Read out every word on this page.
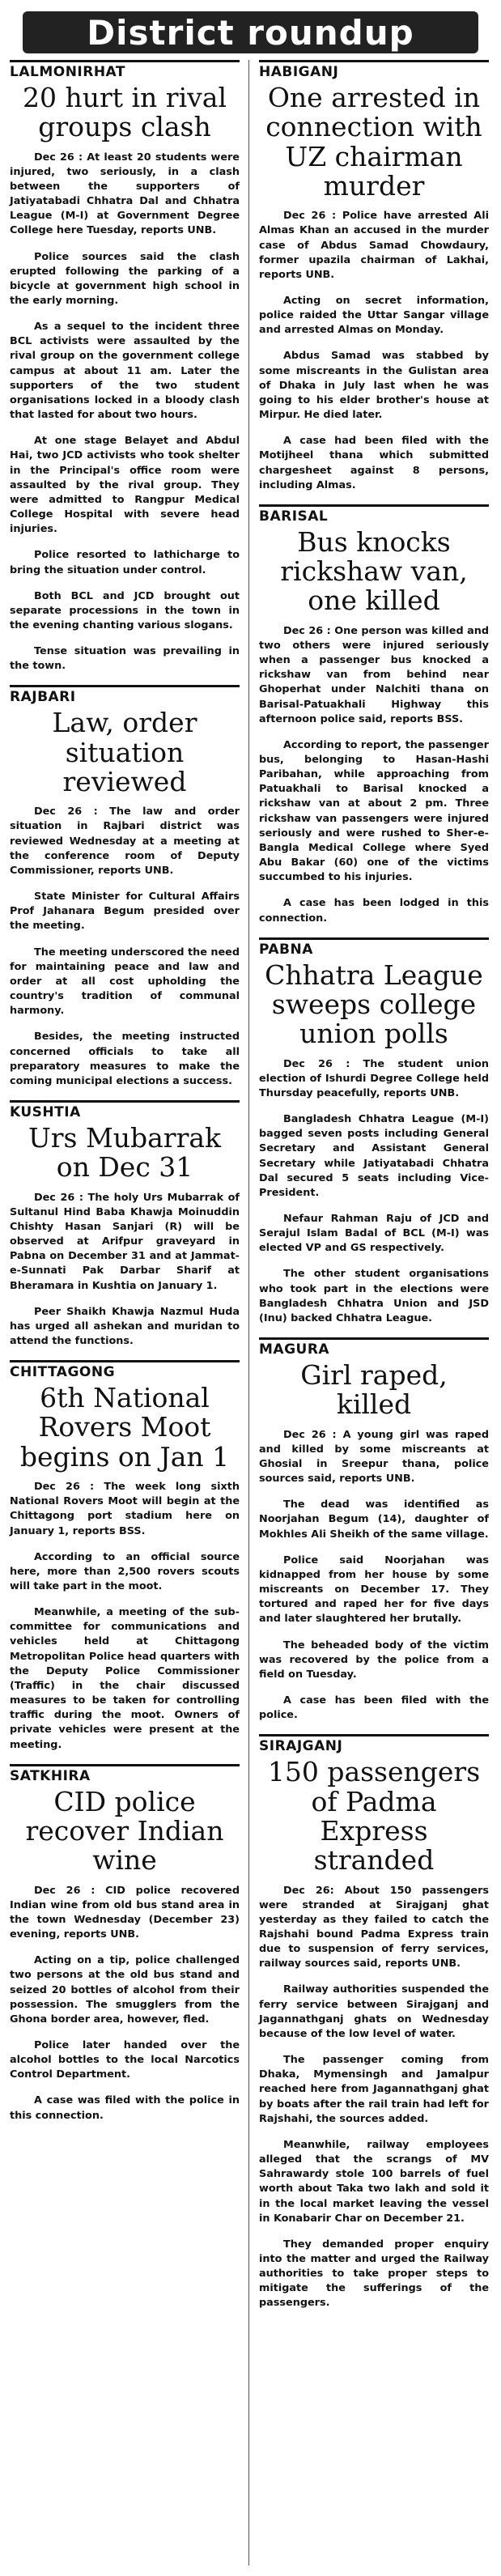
District roundup
LALMONIRHAT
20 hurt in rival groups clash

Dec 26 : At least 20 students were injured, two seriously, in a clash between the supporters of Jatiyatabadi Chhatra Dal and Chhatra League (M-I) at Government Degree College here Tuesday, reports UNB.

Police sources said the clash erupted following the parking of a bicycle at government high school in the early morning.

As a sequel to the incident three BCL activists were assaulted by the rival group on the government college campus at about 11 am. Later the supporters of the two student organisations locked in a bloody clash that lasted for about two hours.

At one stage Belayet and Abdul Hai, two JCD activists who took shelter in the Principal's office room were assaulted by the rival group. They were admitted to Rangpur Medical College Hospital with severe head injuries.

Police resorted to lathicharge to bring the situation under control.

Both BCL and JCD brought out separate processions in the town in the evening chanting various slogans.

Tense situation was prevailing in the town.

RAJBARI
Law, order situation reviewed

Dec 26 : The law and order situation in Rajbari district was reviewed Wednesday at a meeting at the conference room of Deputy Commissioner, reports UNB.

State Minister for Cultural Affairs Prof Jahanara Begum presided over the meeting.

The meeting underscored the need for maintaining peace and law and order at all cost upholding the country's tradition of communal harmony.

Besides, the meeting instructed concerned officials to take all preparatory measures to make the coming municipal elections a success.

KUSHTIA
Urs Mubarrak on Dec 31

Dec 26 : The holy Urs Mubarrak of Sultanul Hind Baba Khawja Moinuddin Chishty Hasan Sanjari (R) will be observed at Arifpur graveyard in Pabna on December 31 and at Jammat-e-Sunnati Pak Darbar Sharif at Bheramara in Kushtia on January 1.

Peer Shaikh Khawja Nazmul Huda has urged all ashekan and muridan to attend the functions.

CHITTAGONG
6th National Rovers Moot begins on Jan 1

Dec 26 : The week long sixth National Rovers Moot will begin at the Chittagong port stadium here on January 1, reports BSS.

According to an official source here, more than 2,500 rovers scouts will take part in the moot.

Meanwhile, a meeting of the sub-committee for communications and vehicles held at Chittagong Metropolitan Police head quarters with the Deputy Police Commissioner (Traffic) in the chair discussed measures to be taken for controlling traffic during the moot. Owners of private vehicles were present at the meeting.

SATKHIRA
CID police recover Indian wine

Dec 26 : CID police recovered Indian wine from old bus stand area in the town Wednesday (December 23) evening, reports UNB.

Acting on a tip, police challenged two persons at the old bus stand and seized 20 bottles of alcohol from their possession. The smugglers from the Ghona border area, however, fled.

Police later handed over the alcohol bottles to the local Narcotics Control Department.

A case was filed with the police in this connection.

HABIGANJ
One arrested in connection with UZ chairman murder

Dec 26 : Police have arrested Ali Almas Khan an accused in the murder case of Abdus Samad Chowdaury, former upazila chairman of Lakhai, reports UNB.

Acting on secret information, police raided the Uttar Sangar village and arrested Almas on Monday.

Abdus Samad was stabbed by some miscreants in the Gulistan area of Dhaka in July last when he was going to his elder brother's house at Mirpur. He died later.

A case had been filed with the Motijheel thana which submitted chargesheet against 8 persons, including Almas.

BARISAL
Bus knocks rickshaw van, one killed

Dec 26 : One person was killed and two others were injured seriously when a passenger bus knocked a rickshaw van from behind near Ghoperhat under Nalchiti thana on Barisal-Patuakhali Highway this afternoon police said, reports BSS.

According to report, the passenger bus, belonging to Hasan-Hashi Paribahan, while approaching from Patuakhali to Barisal knocked a rickshaw van at about 2 pm. Three rickshaw van passengers were injured seriously and were rushed to Sher-e-Bangla Medical College where Syed Abu Bakar (60) one of the victims succumbed to his injuries.

A case has been lodged in this connection.

PABNA
Chhatra League sweeps college union polls

Dec 26 : The student union election of Ishurdi Degree College held Thursday peacefully, reports UNB.

Bangladesh Chhatra League (M-I) bagged seven posts including General Secretary and Assistant General Secretary while Jatiyatabadi Chhatra Dal secured 5 seats including Vice-President.

Nefaur Rahman Raju of JCD and Serajul Islam Badal of BCL (M-I) was elected VP and GS respectively.

The other student organisations who took part in the elections were Bangladesh Chhatra Union and JSD (Inu) backed Chhatra League.

MAGURA
Girl raped, killed

Dec 26 : A young girl was raped and killed by some miscreants at Ghosial in Sreepur thana, police sources said, reports UNB.

The dead was identified as Noorjahan Begum (14), daughter of Mokhles Ali Sheikh of the same village.

Police said Noorjahan was kidnapped from her house by some miscreants on December 17. They tortured and raped her for five days and later slaughtered her brutally.

The beheaded body of the victim was recovered by the police from a field on Tuesday.

A case has been filed with the police.

SIRAJGANJ
150 passengers of Padma Express stranded

Dec 26: About 150 passengers were stranded at Sirajganj ghat yesterday as they failed to catch the Rajshahi bound Padma Express train due to suspension of ferry services, railway sources said, reports UNB.

Railway authorities suspended the ferry service between Sirajganj and Jagannathganj ghats on Wednesday because of the low level of water.

The passenger coming from Dhaka, Mymensingh and Jamalpur reached here from Jagannathganj ghat by boats after the rail train had left for Rajshahi, the sources added.

Meanwhile, railway employees alleged that the scrangs of MV Sahrawardy stole 100 barrels of fuel worth about Taka two lakh and sold it in the local market leaving the vessel in Konabarir Char on December 21.

They demanded proper enquiry into the matter and urged the Railway authorities to take proper steps to mitigate the sufferings of the passengers.
